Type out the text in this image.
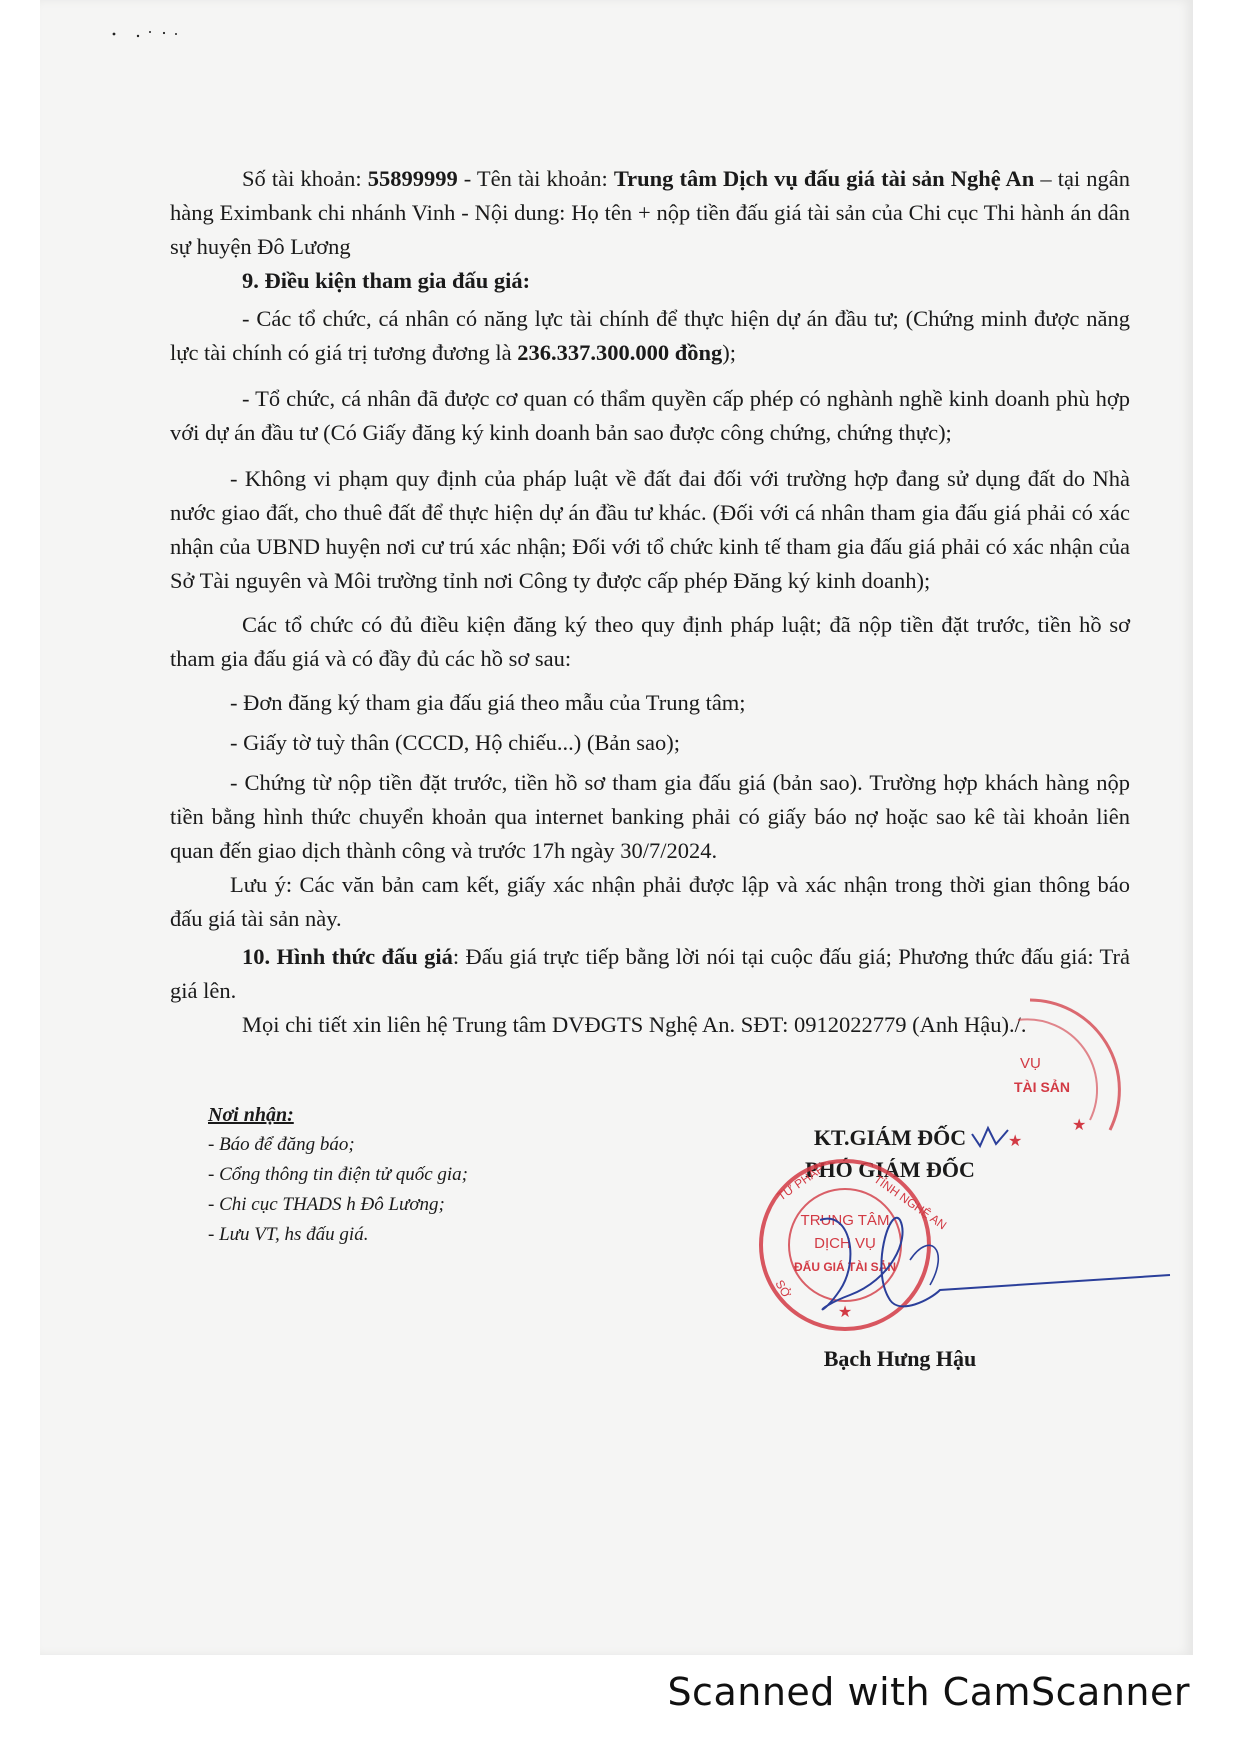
Số tài khoản: 55899999 - Tên tài khoản: Trung tâm Dịch vụ đấu giá tài sản Nghệ An – tại ngân hàng Eximbank chi nhánh Vinh - Nội dung: Họ tên + nộp tiền đấu giá tài sản của Chi cục Thi hành án dân sự huyện Đô Lương

9. Điều kiện tham gia đấu giá:

- Các tổ chức, cá nhân có năng lực tài chính để thực hiện dự án đầu tư; (Chứng minh được năng lực tài chính có giá trị tương đương là 236.337.300.000 đồng);

- Tổ chức, cá nhân đã được cơ quan có thẩm quyền cấp phép có nghành nghề kinh doanh phù hợp với dự án đầu tư (Có Giấy đăng ký kinh doanh bản sao được công chứng, chứng thực);

- Không vi phạm quy định của pháp luật về đất đai đối với trường hợp đang sử dụng đất do Nhà nước giao đất, cho thuê đất để thực hiện dự án đầu tư khác. (Đối với cá nhân tham gia đấu giá phải có xác nhận của UBND huyện nơi cư trú xác nhận; Đối với tổ chức kinh tế tham gia đấu giá phải có xác nhận của Sở Tài nguyên và Môi trường tỉnh nơi Công ty được cấp phép Đăng ký kinh doanh);

Các tổ chức có đủ điều kiện đăng ký theo quy định pháp luật; đã nộp tiền đặt trước, tiền hồ sơ tham gia đấu giá và có đầy đủ các hồ sơ sau:

- Đơn đăng ký tham gia đấu giá theo mẫu của Trung tâm;

- Giấy tờ tuỳ thân (CCCD, Hộ chiếu...) (Bản sao);

- Chứng từ nộp tiền đặt trước, tiền hồ sơ tham gia đấu giá (bản sao). Trường hợp khách hàng nộp tiền bằng hình thức chuyển khoản qua internet banking phải có giấy báo nợ hoặc sao kê tài khoản liên quan đến giao dịch thành công và trước 17h ngày 30/7/2024.

Lưu ý: Các văn bản cam kết, giấy xác nhận phải được lập và xác nhận trong thời gian thông báo đấu giá tài sản này.

10. Hình thức đấu giá: Đấu giá trực tiếp bằng lời nói tại cuộc đấu giá; Phương thức đấu giá: Trả giá lên.

Mọi chi tiết xin liên hệ Trung tâm DVĐGTS Nghệ An. SĐT: 0912022779 (Anh Hậu)./.

Nơi nhận:
- Báo để đăng báo;
- Cổng thông tin điện tử quốc gia;
- Chi cục THADS h Đô Lương;
- Lưu VT, hs đấu giá.
VỤ
TÀI SẢN
★
KT.GIÁM ĐỐC
PHÓ GIÁM ĐỐC
★
TRUNG TÂM
DỊCH VỤ
ĐẤU GIÁ TÀI SẢN
TƯ PHÁP	TỈNH NGHỆ AN
SỞ
★
Bạch Hưng Hậu
Scanned with CamScanner
